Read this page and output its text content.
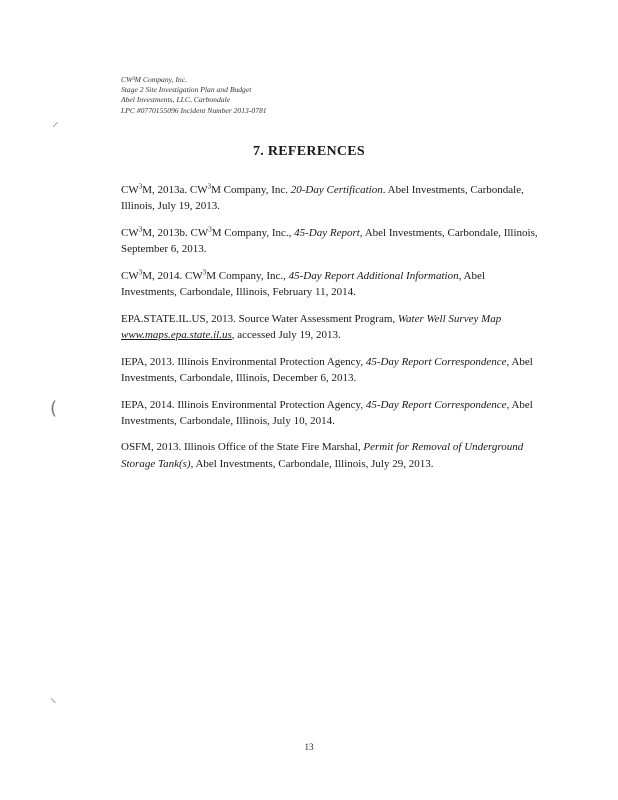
CW³M Company, Inc.
Stage 2 Site Investigation Plan and Budget
Abel Investments, LLC, Carbondale
LPC #0770155096 Incident Number 2013-0781
⸝
(
⸜
7. REFERENCES

$CW^3M$, 2013a. $CW^3M$ Company, Inc. 20-Day Certification. Abel Investments, Carbondale, Illinois, July 19, 2013.

$CW^3M$, 2013b. $CW^3M$ Company, Inc., 45-Day Report, Abel Investments, Carbondale, Illinois, September 6, 2013.

$CW^3M$, 2014. $CW^3M$ Company, Inc., 45-Day Report Additional Information, Abel Investments, Carbondale, Illinois, February 11, 2014.

EPA.STATE.IL.US, 2013. Source Water Assessment Program, Water Well Survey Map
www.maps.epa.state.il.us, accessed July 19, 2013.

IEPA, 2013. Illinois Environmental Protection Agency, 45-Day Report Correspondence, Abel Investments, Carbondale, Illinois, December 6, 2013.

IEPA, 2014. Illinois Environmental Protection Agency, 45-Day Report Correspondence, Abel Investments, Carbondale, Illinois, July 10, 2014.

OSFM, 2013. Illinois Office of the State Fire Marshal, Permit for Removal of Underground Storage Tank(s), Abel Investments, Carbondale, Illinois, July 29, 2013.

13
